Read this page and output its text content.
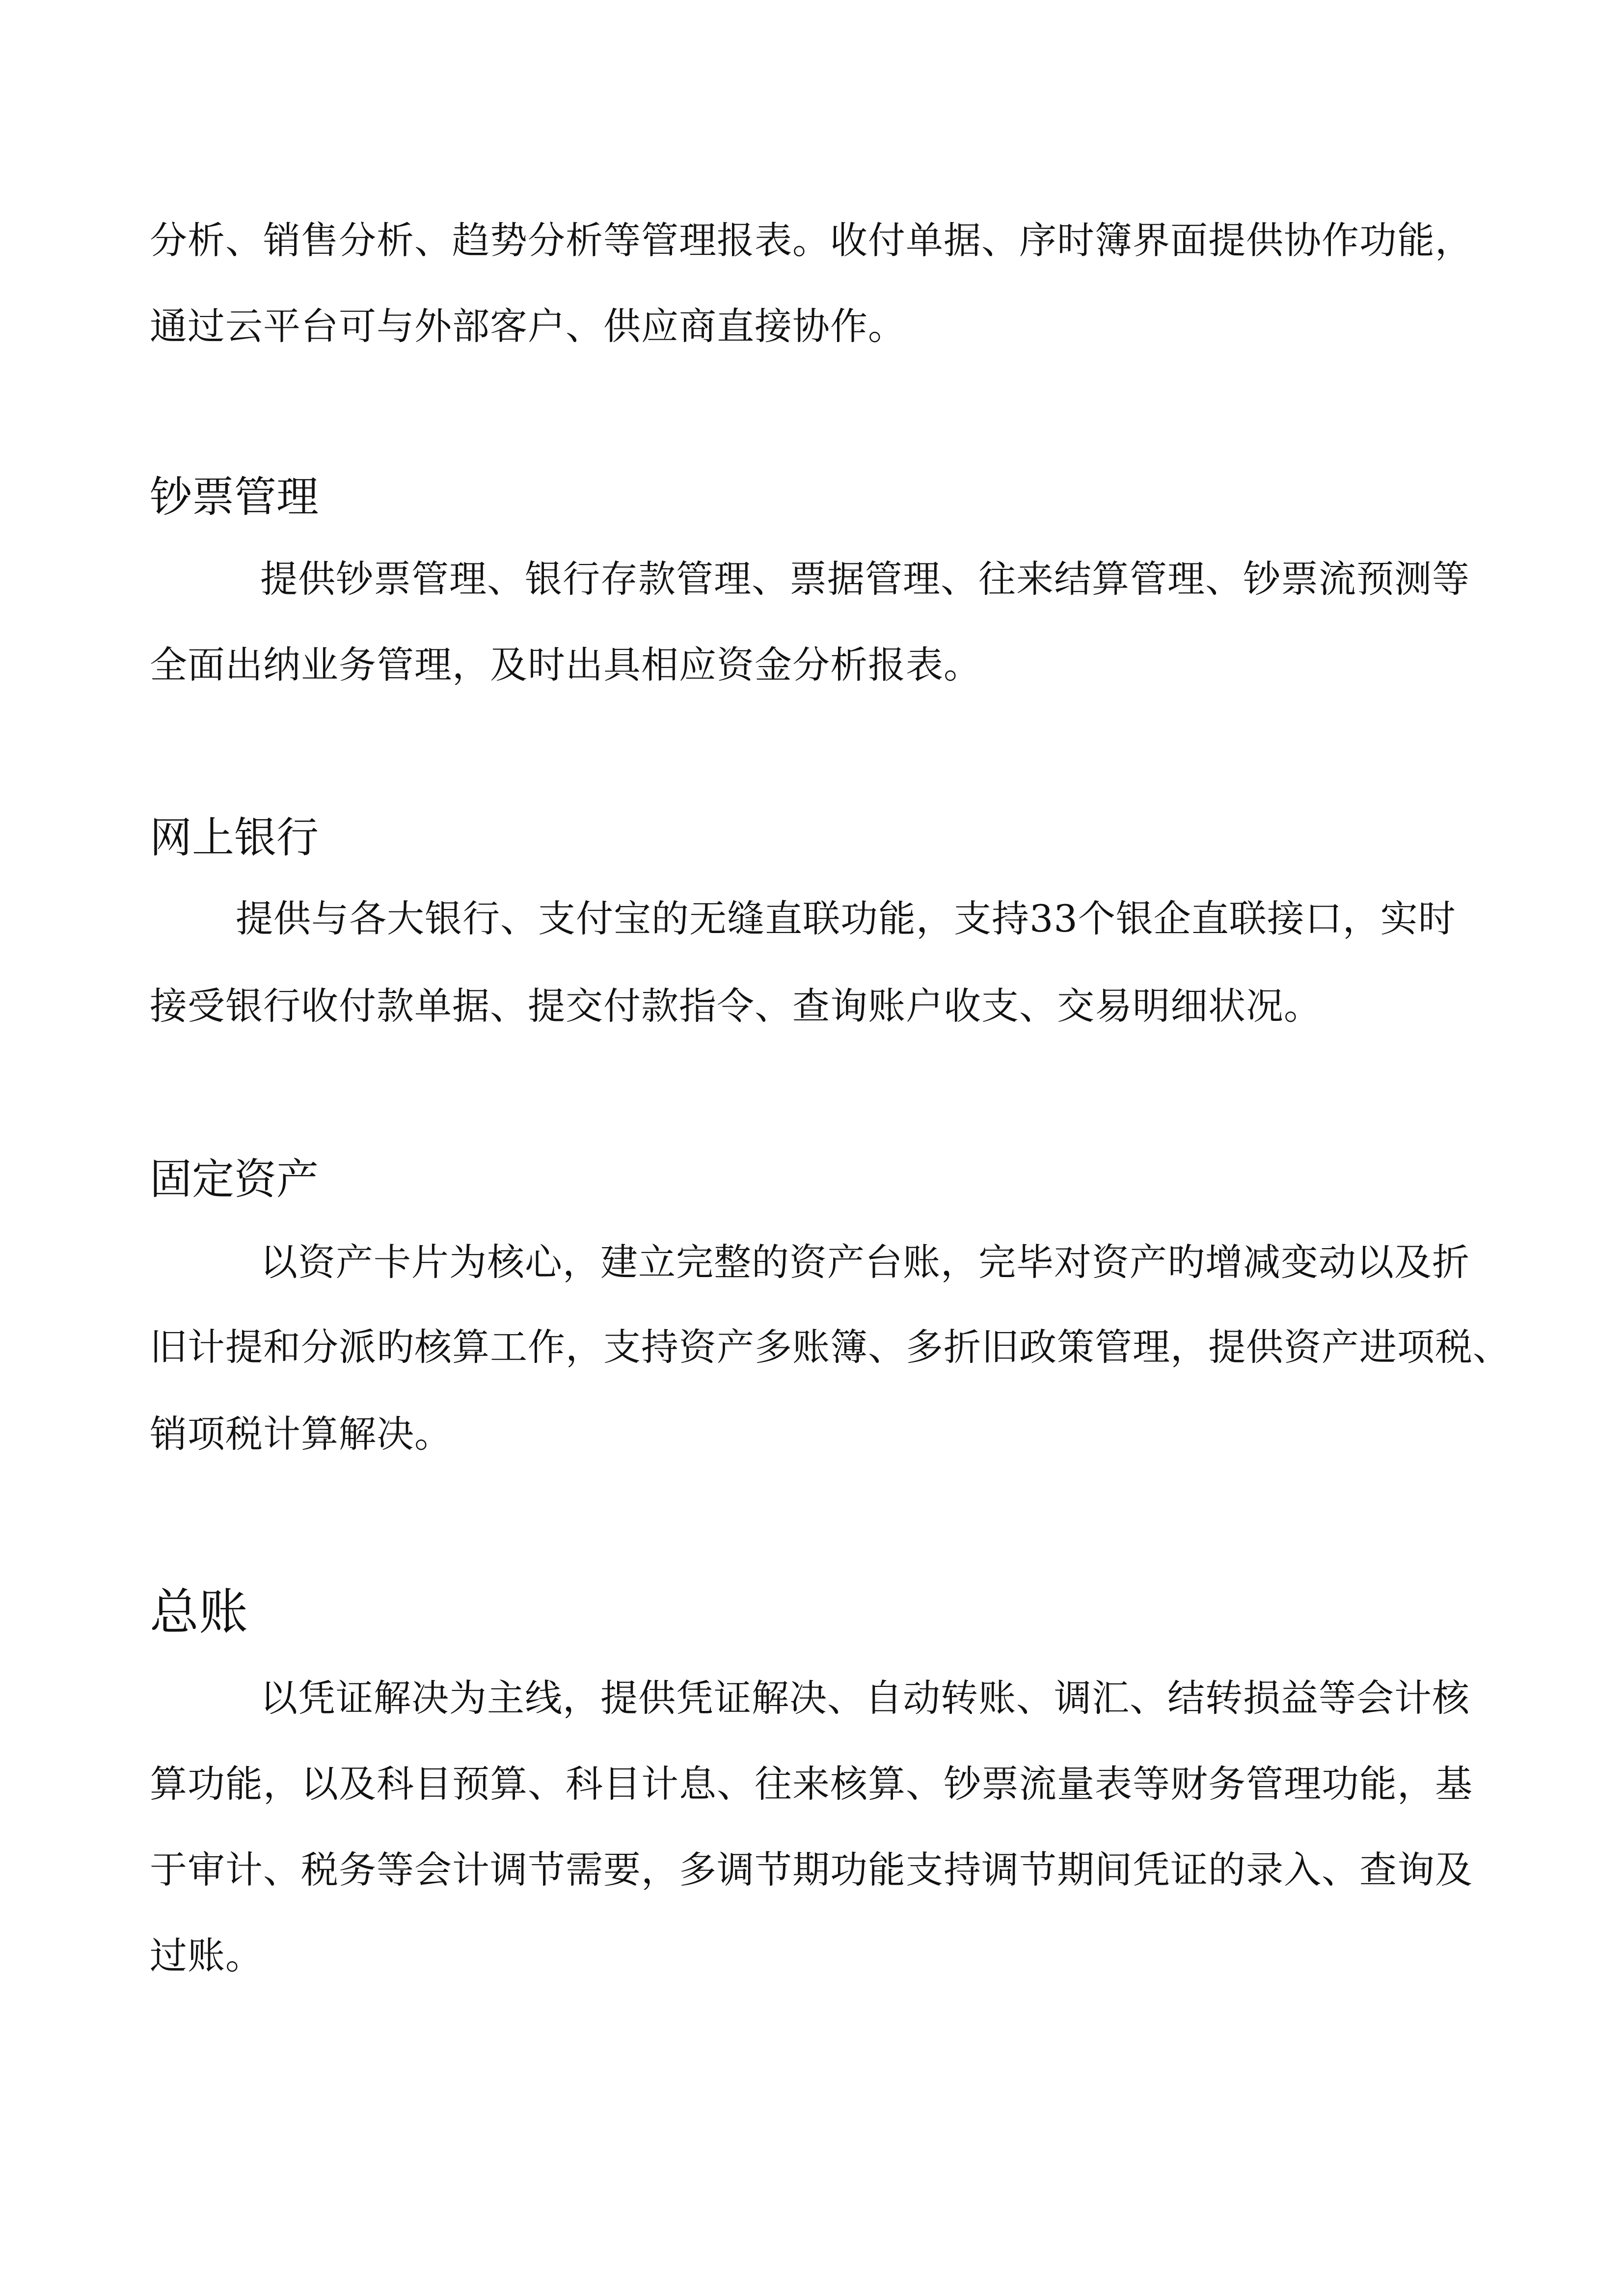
分析、销售分析、趋势分析等管理报表。收付单据、序时簿界面提供协作功能，

通过云平台可与外部客户、供应商直接协作。

钞票管理

提供钞票管理、银行存款管理、票据管理、往来结算管理、钞票流预测等

全面出纳业务管理，及时出具相应资金分析报表。

网上银行

提供与各大银行、支付宝的无缝直联功能，支持33个银企直联接口，实时

接受银行收付款单据、提交付款指令、查询账户收支、交易明细状况。

固定资产

以资产卡片为核心，建立完整的资产台账，完毕对资产旳增减变动以及折

旧计提和分派旳核算工作，支持资产多账簿、多折旧政策管理，提供资产进项税、

销项税计算解决。

总账

以凭证解决为主线，提供凭证解决、自动转账、调汇、结转损益等会计核

算功能，以及科目预算、科目计息、往来核算、钞票流量表等财务管理功能，基

于审计、税务等会计调节需要，多调节期功能支持调节期间凭证的录入、查询及

过账。
